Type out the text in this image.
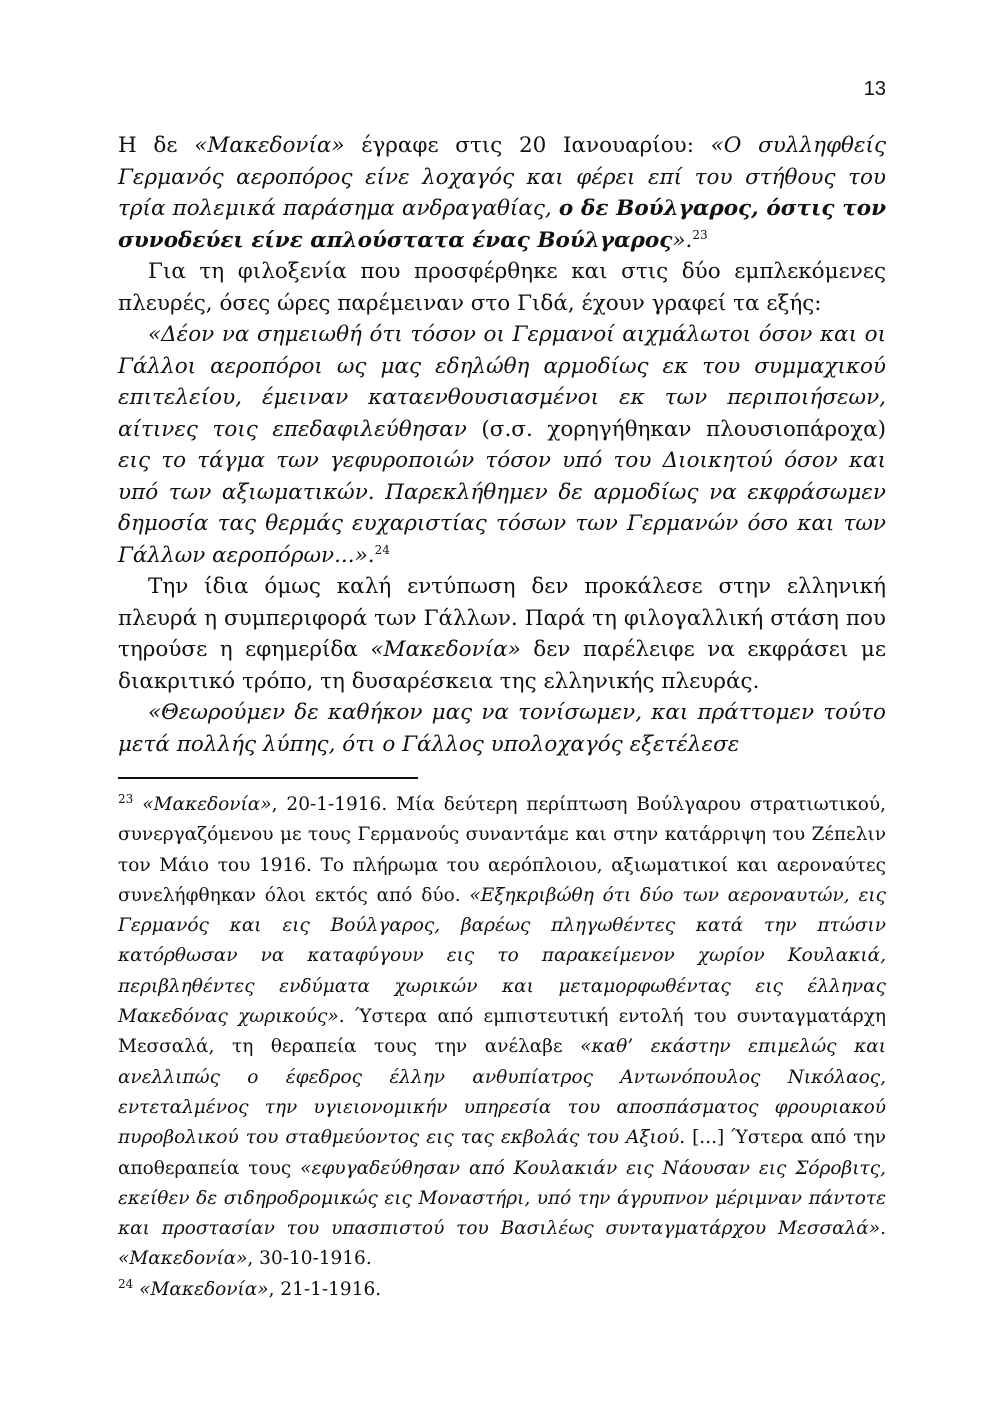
13

Η δε «Μακεδονία» έγραφε στις 20 Ιανουαρίου: «Ο συλληφθείς Γερμανός αεροπόρος είνε λοχαγός και φέρει επί του στήθους του τρία πολεμικά παράσημα ανδραγαθίας, ο δε Βούλγαρος, όστις τον συνοδεύει είνε απλούστατα ένας Βούλγαρος».$^{23}$

Για τη φιλοξενία που προσφέρθηκε και στις δύο εμπλεκόμενες πλευρές, όσες ώρες παρέμειναν στο Γιδά, έχουν γραφεί τα εξής:

«Δέον να σημειωθή ότι τόσον οι Γερμανοί αιχμάλωτοι όσον και οι Γάλλοι αεροπόροι ως μας εδηλώθη αρμοδίως εκ του συμμαχικού επιτελείου, έμειναν καταενθουσιασμένοι εκ των περιποιήσεων, αίτινες τοις επεδαφιλεύθησαν (σ.σ. χορηγήθηκαν πλουσιοπάροχα) εις το τάγμα των γεφυροποιών τόσον υπό του Διοικητού όσον και υπό των αξιωματικών. Παρεκλήθημεν δε αρμοδίως να εκφράσωμεν δημοσία τας θερμάς ευχαριστίας τόσων των Γερμανών όσο και των Γάλλων αεροπόρων...».$^{24}$

Την ίδια όμως καλή εντύπωση δεν προκάλεσε στην ελληνική πλευρά η συμπεριφορά των Γάλλων. Παρά τη φιλογαλλική στάση που τηρούσε η εφημερίδα «Μακεδονία» δεν παρέλειφε να εκφράσει με διακριτικό τρόπο, τη δυσαρέσκεια της ελληνικής πλευράς.

«Θεωρούμεν δε καθήκον μας να τονίσωμεν, και πράττομεν τούτο μετά πολλής λύπης, ότι ο Γάλλος υπολοχαγός εξετέλεσε

$^{23}$ «Μακεδονία», 20-1-1916. Μία δεύτερη περίπτωση Βούλγαρου στρατιωτικού, συνεργαζόμενου με τους Γερμανούς συναντάμε και στην κατάρριψη του Ζέπελιν τον Μάιο του 1916. Το πλήρωμα του αερόπλοιου, αξιωματικοί και αεροναύτες συνελήφθηκαν όλοι εκτός από δύο. «Εξηκριβώθη ότι δύο των αεροναυτών, εις Γερμανός και εις Βούλγαρος, βαρέως πληγωθέντες κατά την πτώσιν κατόρθωσαν να καταφύγουν εις το παρακείμενον χωρίον Κουλακιά, περιβληθέντες ενδύματα χωρικών και μεταμορφωθέντας εις έλληνας Μακεδόνας χωρικούς». Ύστερα από εμπιστευτική εντολή του συνταγματάρχη Μεσσαλά, τη θεραπεία τους την ανέλαβε «καθ’ εκάστην επιμελώς και ανελλιπώς ο έφεδρος έλλην ανθυπίατρος Αντωνόπουλος Νικόλαος, εντεταλμένος την υγιειονομικήν υπηρεσία του αποσπάσματος φρουριακού πυροβολικού του σταθμεύοντος εις τας εκβολάς του Αξιού. [...] Ύστερα από την αποθεραπεία τους «εφυγαδεύθησαν από Κουλακιάν εις Νάουσαν εις Σόροβιτς, εκείθεν δε σιδηροδρομικώς εις Μοναστήρι, υπό την άγρυπνον μέριμναν πάντοτε και προστασίαν του υπασπιστού του Βασιλέως συνταγματάρχου Μεσσαλά». «Μακεδονία», 30-10-1916.

$^{24}$ «Μακεδονία», 21-1-1916.
